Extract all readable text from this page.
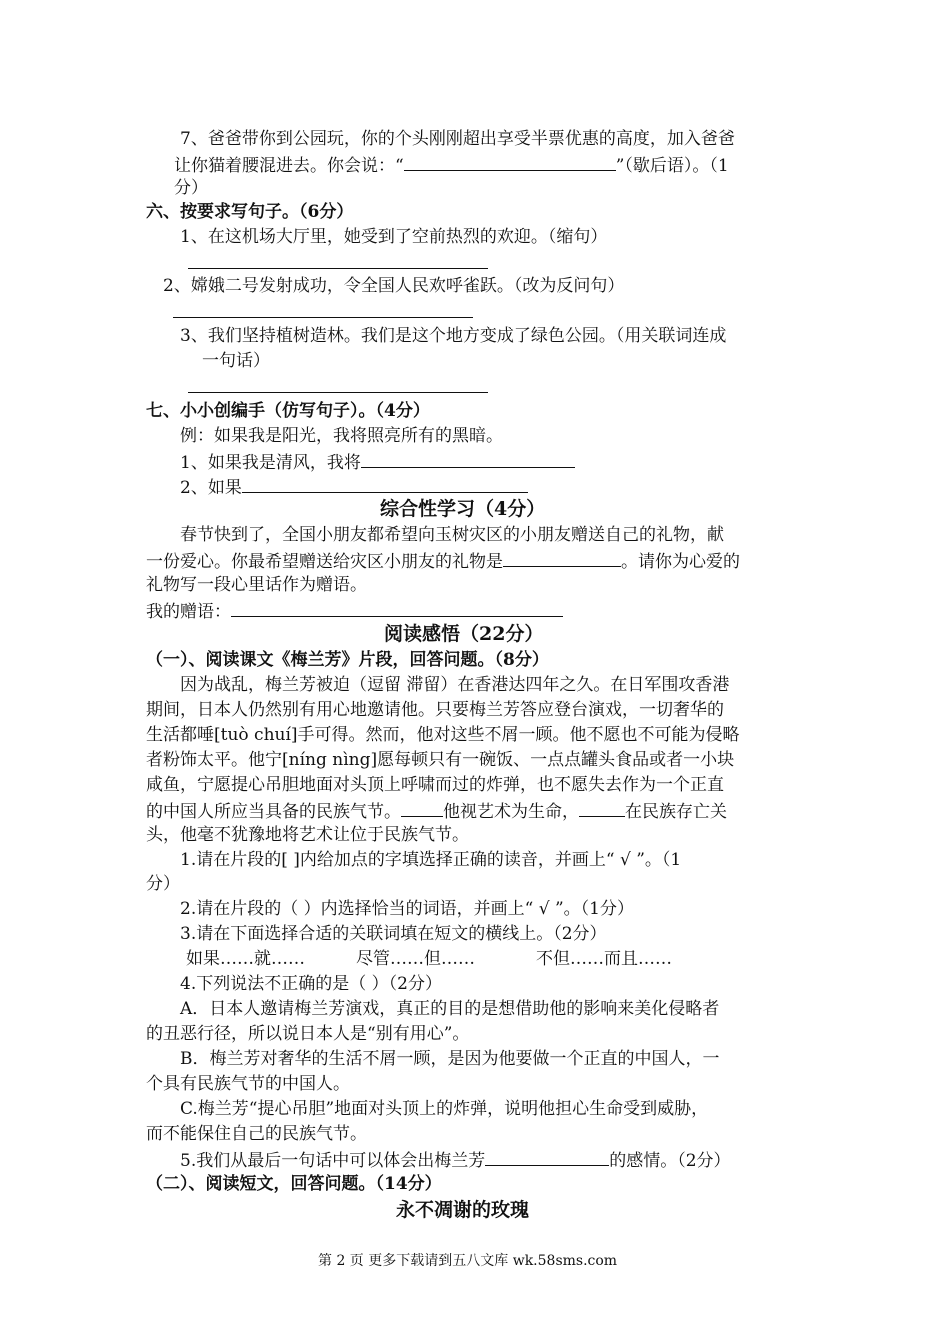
7、爸爸带你到公园玩，你的个头刚刚超出享受半票优惠的高度，加入爸爸
让你猫着腰混进去。你会说：“	”（歇后语）。（1
分）
六、按要求写句子。（6分）
1、在这机场大厅里，她受到了空前热烈的欢迎。（缩句）
2、嫦娥二号发射成功，令全国人民欢呼雀跃。（改为反问句）
3、我们坚持植树造林。我们是这个地方变成了绿色公园。（用关联词连成
一句话）
七、小小创编手（仿写句子）。（4分）
例：如果我是阳光，我将照亮所有的黑暗。
1、如果我是清风，我将
2、如果
综合性学习（4分）
春节快到了，全国小朋友都希望向玉树灾区的小朋友赠送自己的礼物，献
一份爱心。你最希望赠送给灾区小朋友的礼物是	。请你为心爱的
礼物写一段心里话作为赠语。
我的赠语：
阅读感悟（22分）
（一）、阅读课文《梅兰芳》片段，回答问题。（8分）
因为战乱，梅兰芳被迫（逗留 滞留）在香港达四年之久。在日军围攻香港
期间，日本人仍然别有用心地邀请他。只要梅兰芳答应登台演戏，一切奢华的
生活都唾[tuò chuí]手可得。然而，他对这些不屑一顾。他不愿也不可能为侵略
者粉饰太平。他宁[níng nìng]愿每顿只有一碗饭、一点点罐头食品或者一小块
咸鱼，宁愿提心吊胆地面对头顶上呼啸而过的炸弹，也不愿失去作为一个正直
的中国人所应当具备的民族气节。 他视艺术为生命，	在民族存亡关
头，他毫不犹豫地将艺术让位于民族气节。
1.请在片段的[ ]内给加点的字填选择正确的读音，并画上“ √ ”。（1
分）
2.请在片段的（ ）内选择恰当的词语，并画上“ √ ”。（1分）
3.请在下面选择合适的关联词填在短文的横线上。（2分）
如果……就……	尽管……但……	不但……而且……
4.下列说法不正确的是（ ）（2分）
A．日本人邀请梅兰芳演戏，真正的目的是想借助他的影响来美化侵略者
的丑恶行径，所以说日本人是“别有用心”。
B．梅兰芳对奢华的生活不屑一顾，是因为他要做一个正直的中国人，一
个具有民族气节的中国人。
C.梅兰芳“提心吊胆”地面对头顶上的炸弹，说明他担心生命受到威胁，
而不能保住自己的民族气节。
5.我们从最后一句话中可以体会出梅兰芳	的感情。（2分）
（二）、阅读短文，回答问题。（14分）
永不凋谢的玫瑰
第 2 页 更多下载请到五八文库 wk.58sms.com
